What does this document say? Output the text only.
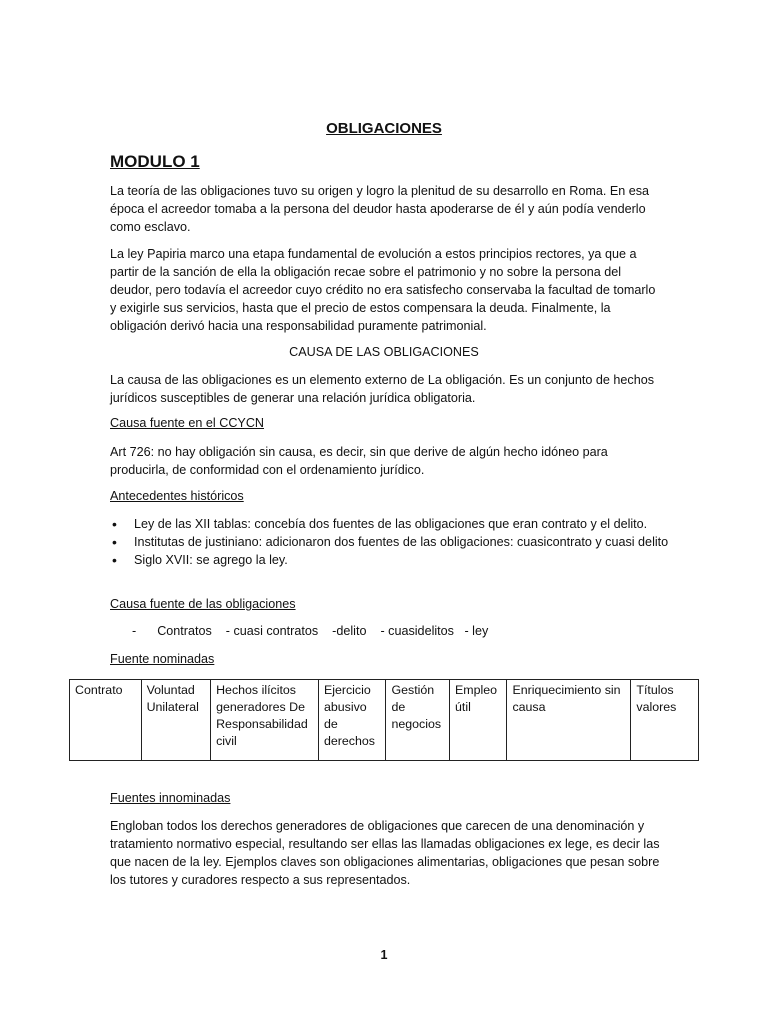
OBLIGACIONES
MODULO 1

La teoría de las obligaciones tuvo su origen y logro la plenitud de su desarrollo en Roma. En esa época el acreedor tomaba a la persona del deudor hasta apoderarse de él y aún podía venderlo como esclavo.

La ley Papiria marco una etapa fundamental de evolución a estos principios rectores, ya que a partir de la sanción de ella la obligación recae sobre el patrimonio y no sobre la persona del deudor, pero todavía el acreedor cuyo crédito no era satisfecho conservaba la facultad de tomarlo y exigirle sus servicios, hasta que el precio de estos compensara la deuda. Finalmente, la obligación derivó hacia una responsabilidad puramente patrimonial.

CAUSA DE LAS OBLIGACIONES

La causa de las obligaciones es un elemento externo de La obligación. Es un conjunto de hechos jurídicos susceptibles de generar una relación jurídica obligatoria.

Causa fuente en el CCYCN

Art 726: no hay obligación sin causa, es decir, sin que derive de algún hecho idóneo para producirla, de conformidad con el ordenamiento jurídico.

Antecedentes históricos
• Ley de las XII tablas: concebía dos fuentes de las obligaciones que eran contrato y el delito.
• Institutas de justiniano: adicionaron dos fuentes de las obligaciones: cuasicontrato y cuasi delito
• Siglo XVII: se agrego la ley.
Causa fuente de las obligaciones
-      Contratos    - cuasi contratos    -delito    - cuasidelitos   - ley
Fuente nominadas
Contrato	Voluntad Unilateral	Hechos ilícitos generadores De Responsabilidad civil	Ejercicio abusivo de derechos	Gestión de negocios	Empleo útil	Enriquecimiento sin causa	Títulos valores
Fuentes innominadas

Engloban todos los derechos generadores de obligaciones que carecen de una denominación y tratamiento normativo especial, resultando ser ellas las llamadas obligaciones ex lege, es decir las que nacen de la ley. Ejemplos claves son obligaciones alimentarias, obligaciones que pesan sobre los tutores y curadores respecto a sus representados.

1
